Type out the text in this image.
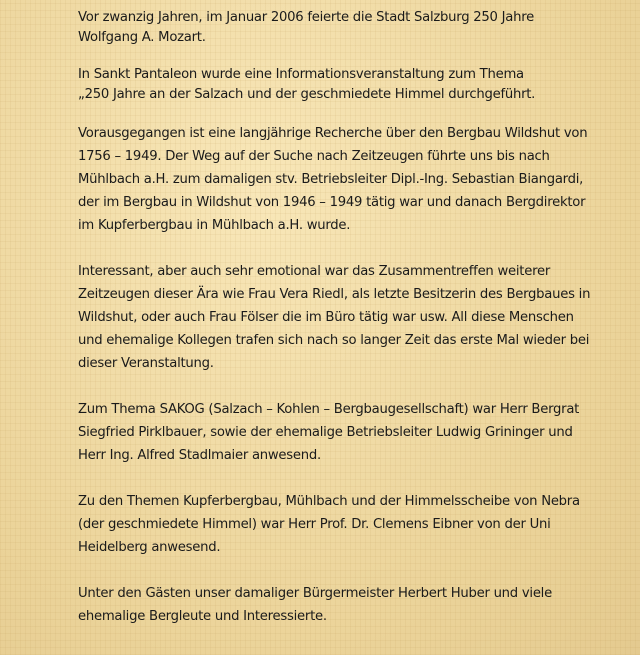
Vor zwanzig Jahren, im Januar 2006 feierte die Stadt Salzburg 250 Jahre
Wolfgang A. Mozart.

In Sankt Pantaleon wurde eine Informationsveranstaltung zum Thema
„250 Jahre an der Salzach und der geschmiedete Himmel durchgeführt.

Vorausgegangen ist eine langjährige Recherche über den Bergbau Wildshut von
1756 – 1949. Der Weg auf der Suche nach Zeitzeugen führte uns bis nach
Mühlbach a.H. zum damaligen stv. Betriebsleiter Dipl.-Ing. Sebastian Biangardi,
der im Bergbau in Wildshut von 1946 – 1949 tätig war und danach Bergdirektor
im Kupferbergbau in Mühlbach a.H. wurde.

Interessant, aber auch sehr emotional war das Zusammentreffen weiterer
Zeitzeugen dieser Ära wie Frau Vera Riedl, als letzte Besitzerin des Bergbaues in
Wildshut, oder auch Frau Fölser die im Büro tätig war usw. All diese Menschen
und ehemalige Kollegen trafen sich nach so langer Zeit das erste Mal wieder bei
dieser Veranstaltung.

Zum Thema SAKOG (Salzach – Kohlen – Bergbaugesellschaft) war Herr Bergrat
Siegfried Pirklbauer, sowie der ehemalige Betriebsleiter Ludwig Grininger und
Herr Ing. Alfred Stadlmaier anwesend.

Zu den Themen Kupferbergbau, Mühlbach und der Himmelsscheibe von Nebra
(der geschmiedete Himmel) war Herr Prof. Dr. Clemens Eibner von der Uni
Heidelberg anwesend.

Unter den Gästen unser damaliger Bürgermeister Herbert Huber und viele
ehemalige Bergleute und Interessierte.
